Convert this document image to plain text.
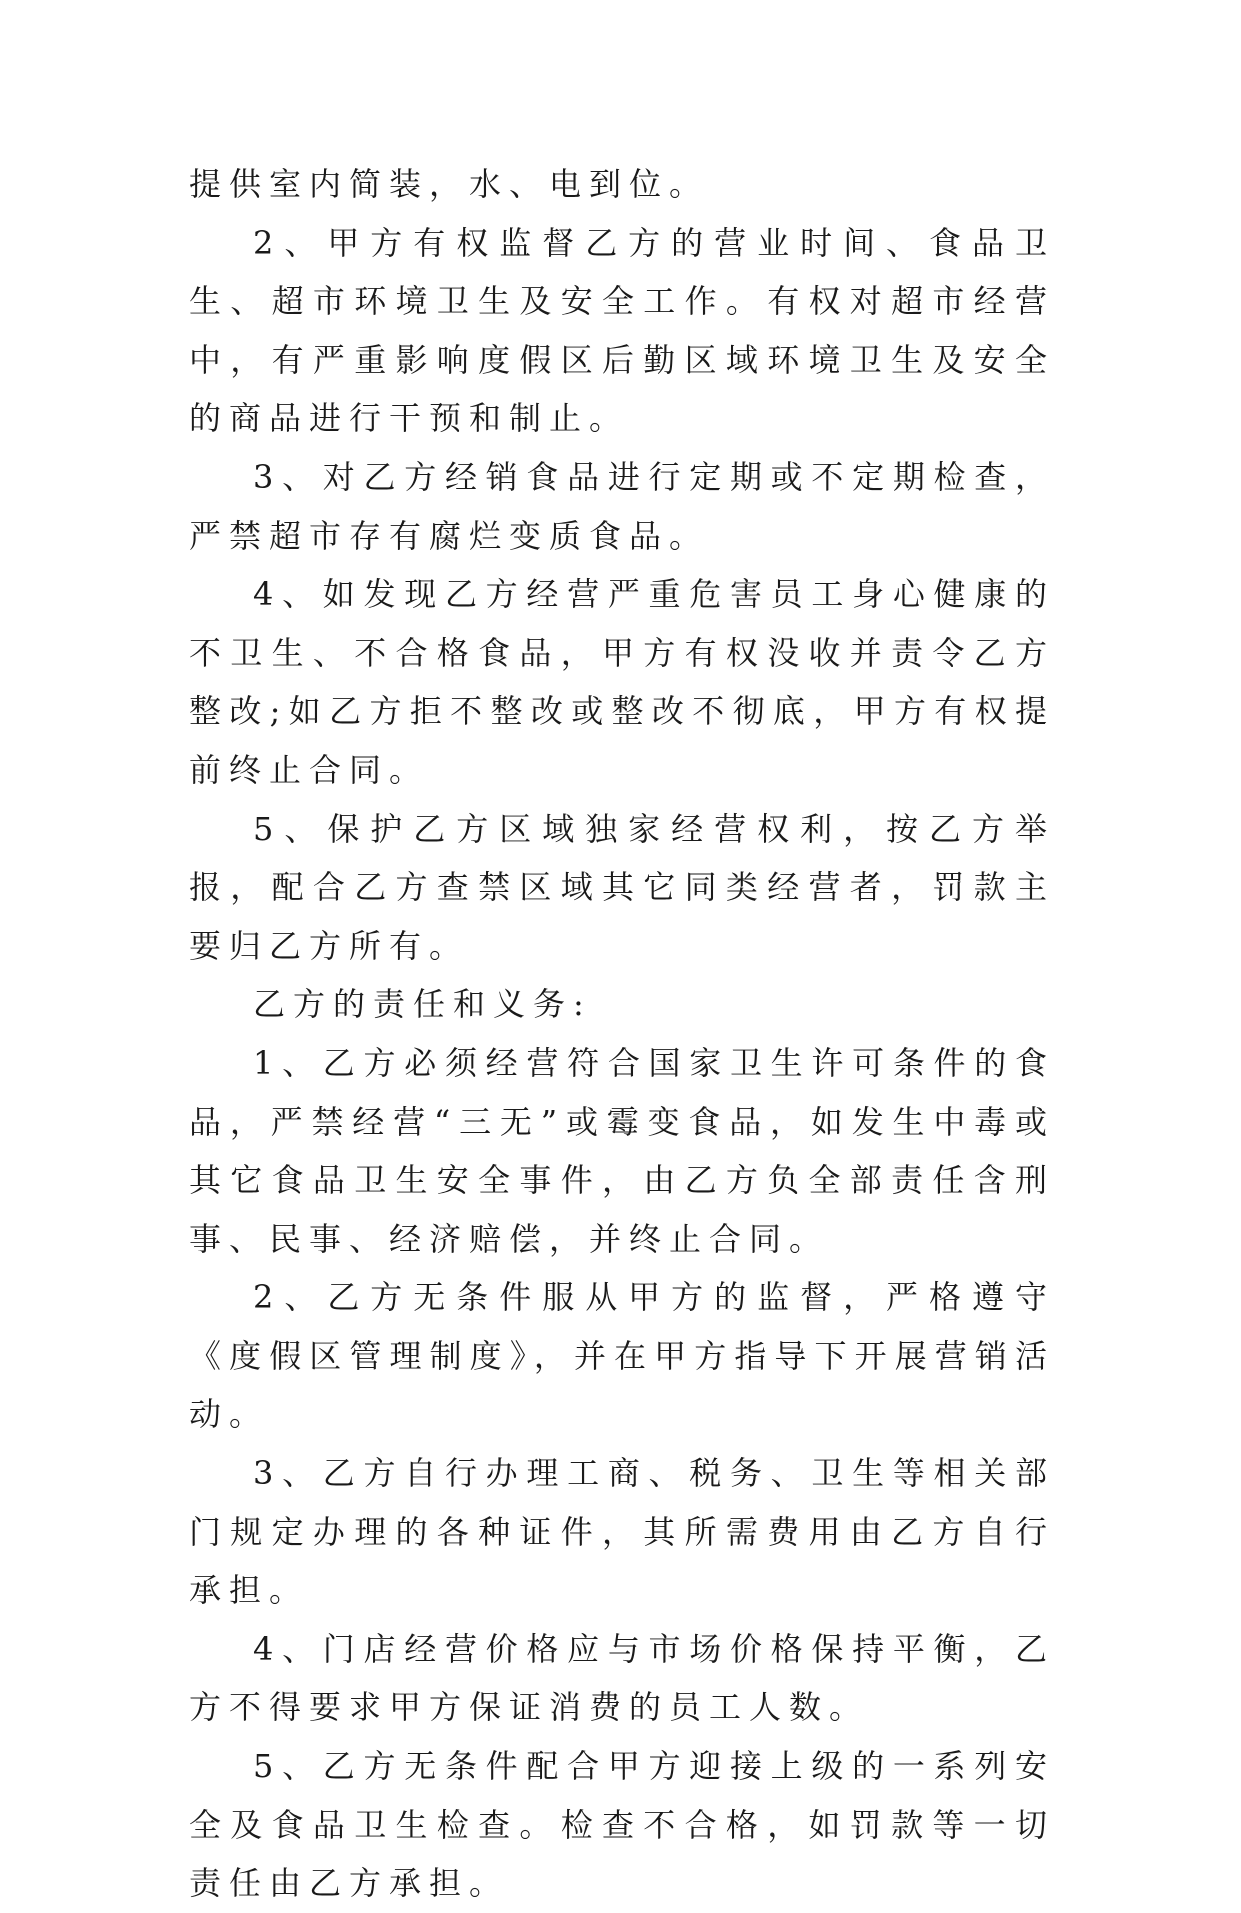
提供室内简装，水、电到位。

2、甲方有权监督乙方的营业时间、食品卫生、超市环境卫生及安全工作。有权对超市经营中，有严重影响度假区后勤区域环境卫生及安全的商品进行干预和制止。

3、对乙方经销食品进行定期或不定期检查，严禁超市存有腐烂变质食品。

4、如发现乙方经营严重危害员工身心健康的不卫生、不合格食品，甲方有权没收并责令乙方整改;如乙方拒不整改或整改不彻底，甲方有权提前终止合同。

5、保护乙方区域独家经营权利，按乙方举报，配合乙方查禁区域其它同类经营者，罚款主要归乙方所有。

乙方的责任和义务:

1、乙方必须经营符合国家卫生许可条件的食品，严禁经营“三无”或霉变食品，如发生中毒或其它食品卫生安全事件，由乙方负全部责任含刑事、民事、经济赔偿，并终止合同。

2、乙方无条件服从甲方的监督，严格遵守《度假区管理制度》，并在甲方指导下开展营销活动。

3、乙方自行办理工商、税务、卫生等相关部门规定办理的各种证件，其所需费用由乙方自行承担。

4、门店经营价格应与市场价格保持平衡，乙方不得要求甲方保证消费的员工人数。

5、乙方无条件配合甲方迎接上级的一系列安全及食品卫生检查。检查不合格，如罚款等一切责任由乙方承担。
